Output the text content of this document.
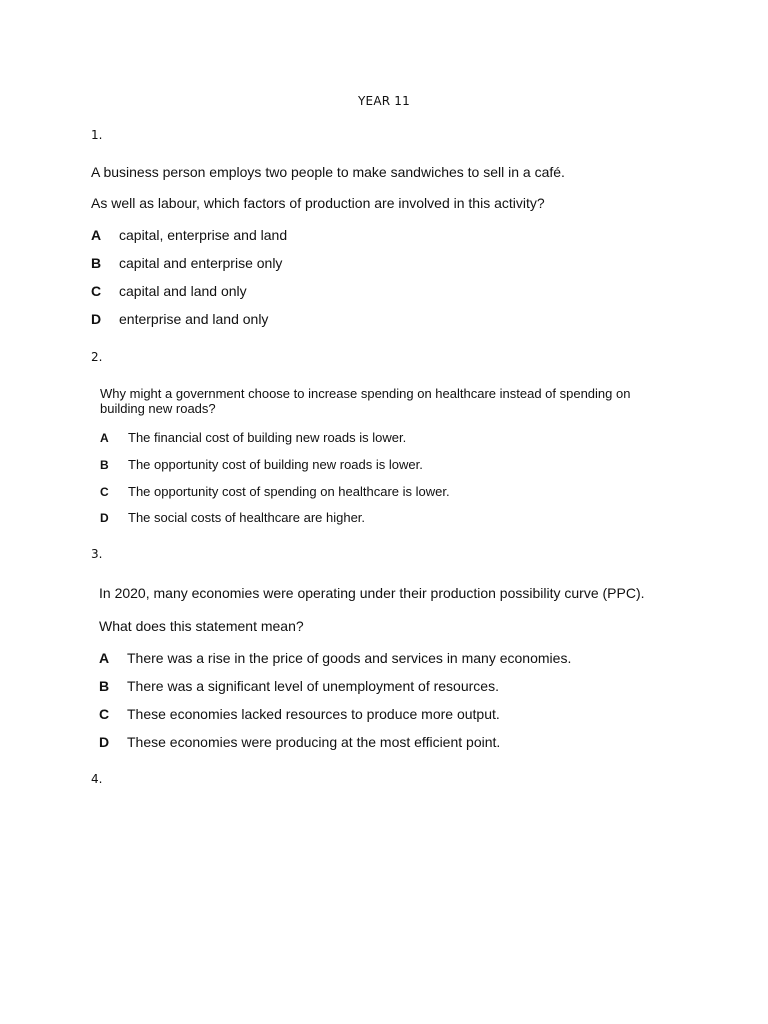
YEAR 11
1.

A business person employs two people to make sandwiches to sell in a café.

As well as labour, which factors of production are involved in this activity?

A capital, enterprise and land
B capital and enterprise only
C capital and land only
D enterprise and land only
2.

Why might a government choose to increase spending on healthcare instead of spending on building new roads?

A The financial cost of building new roads is lower.
B The opportunity cost of building new roads is lower.
C The opportunity cost of spending on healthcare is lower.
D The social costs of healthcare are higher.
3.

In 2020, many economies were operating under their production possibility curve (PPC).

What does this statement mean?

A There was a rise in the price of goods and services in many economies.
B There was a significant level of unemployment of resources.
C These economies lacked resources to produce more output.
D These economies were producing at the most efficient point.
4.
